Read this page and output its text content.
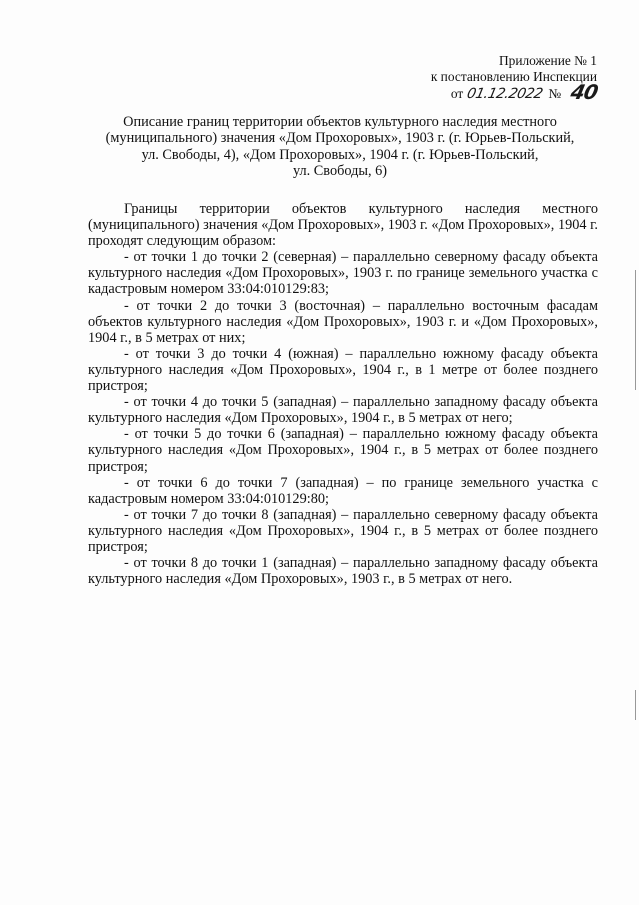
Приложение № 1
к постановлению Инспекции
от 01.12.2022 № 40
Описание границ территории объектов культурного наследия местного
(муниципального) значения «Дом Прохоровых», 1903 г. (г. Юрьев-Польский,
ул. Свободы, 4), «Дом Прохоровых», 1904 г. (г. Юрьев-Польский,
ул. Свободы, 6)

Границы территории объектов культурного наследия местного (муниципального) значения «Дом Прохоровых», 1903 г. «Дом Прохоровых», 1904 г. проходят следующим образом:

- от точки 1 до точки 2 (северная) – параллельно северному фасаду объекта культурного наследия «Дом Прохоровых», 1903 г. по границе земельного участка с кадастровым номером 33:04:010129:83;

- от точки 2 до точки 3 (восточная) – параллельно восточным фасадам объектов культурного наследия «Дом Прохоровых», 1903 г. и «Дом Прохоровых», 1904 г., в 5 метрах от них;

- от точки 3 до точки 4 (южная) – параллельно южному фасаду объекта культурного наследия «Дом Прохоровых», 1904 г., в 1 метре от более позднего пристроя;

- от точки 4 до точки 5 (западная) – параллельно западному фасаду объекта культурного наследия «Дом Прохоровых», 1904 г., в 5 метрах от него;

- от точки 5 до точки 6 (западная) – параллельно южному фасаду объекта культурного наследия «Дом Прохоровых», 1904 г., в 5 метрах от более позднего пристроя;

- от точки 6 до точки 7 (западная) – по границе земельного участка с кадастровым номером 33:04:010129:80;

- от точки 7 до точки 8 (западная) – параллельно северному фасаду объекта культурного наследия «Дом Прохоровых», 1904 г., в 5 метрах от более позднего пристроя;

- от точки 8 до точки 1 (западная) – параллельно западному фасаду объекта культурного наследия «Дом Прохоровых», 1903 г., в 5 метрах от него.
